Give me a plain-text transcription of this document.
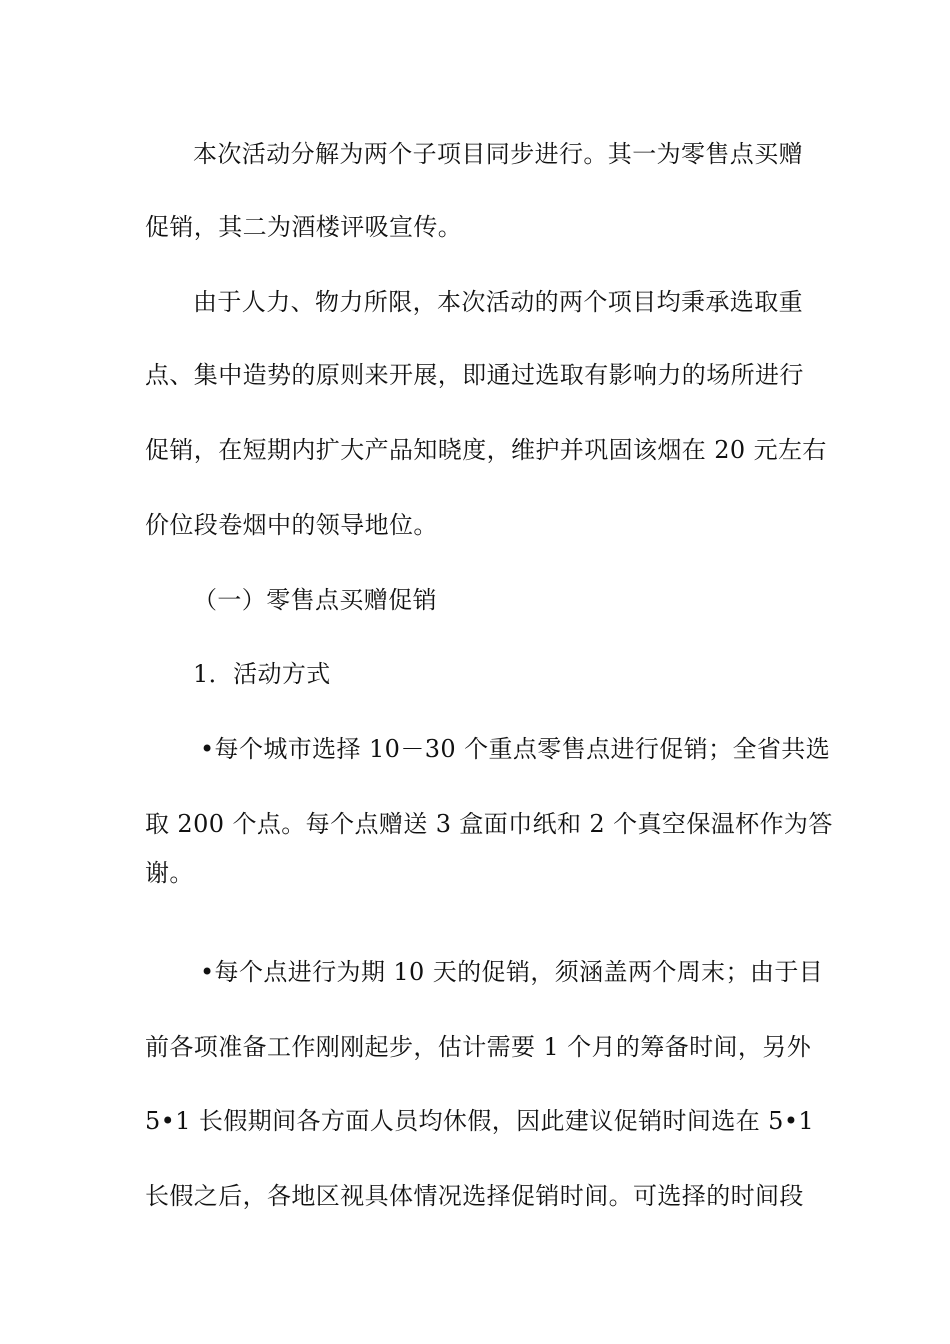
本次活动分解为两个子项目同步进行。其一为零售点买赠
促销，其二为酒楼评吸宣传。
由于人力、物力所限，本次活动的两个项目均秉承选取重
点、集中造势的原则来开展，即通过选取有影响力的场所进行
促销，在短期内扩大产品知晓度，维护并巩固该烟在 20 元左右
价位段卷烟中的领导地位。
（一）零售点买赠促销
1．活动方式
•每个城市选择 10－30 个重点零售点进行促销；全省共选
取 200 个点。每个点赠送 3 盒面巾纸和 2 个真空保温杯作为答
谢。
•每个点进行为期 10 天的促销，须涵盖两个周末；由于目
前各项准备工作刚刚起步，估计需要 1 个月的筹备时间，另外
5•1 长假期间各方面人员均休假，因此建议促销时间选在 5•1
长假之后，各地区视具体情况选择促销时间。可选择的时间段
